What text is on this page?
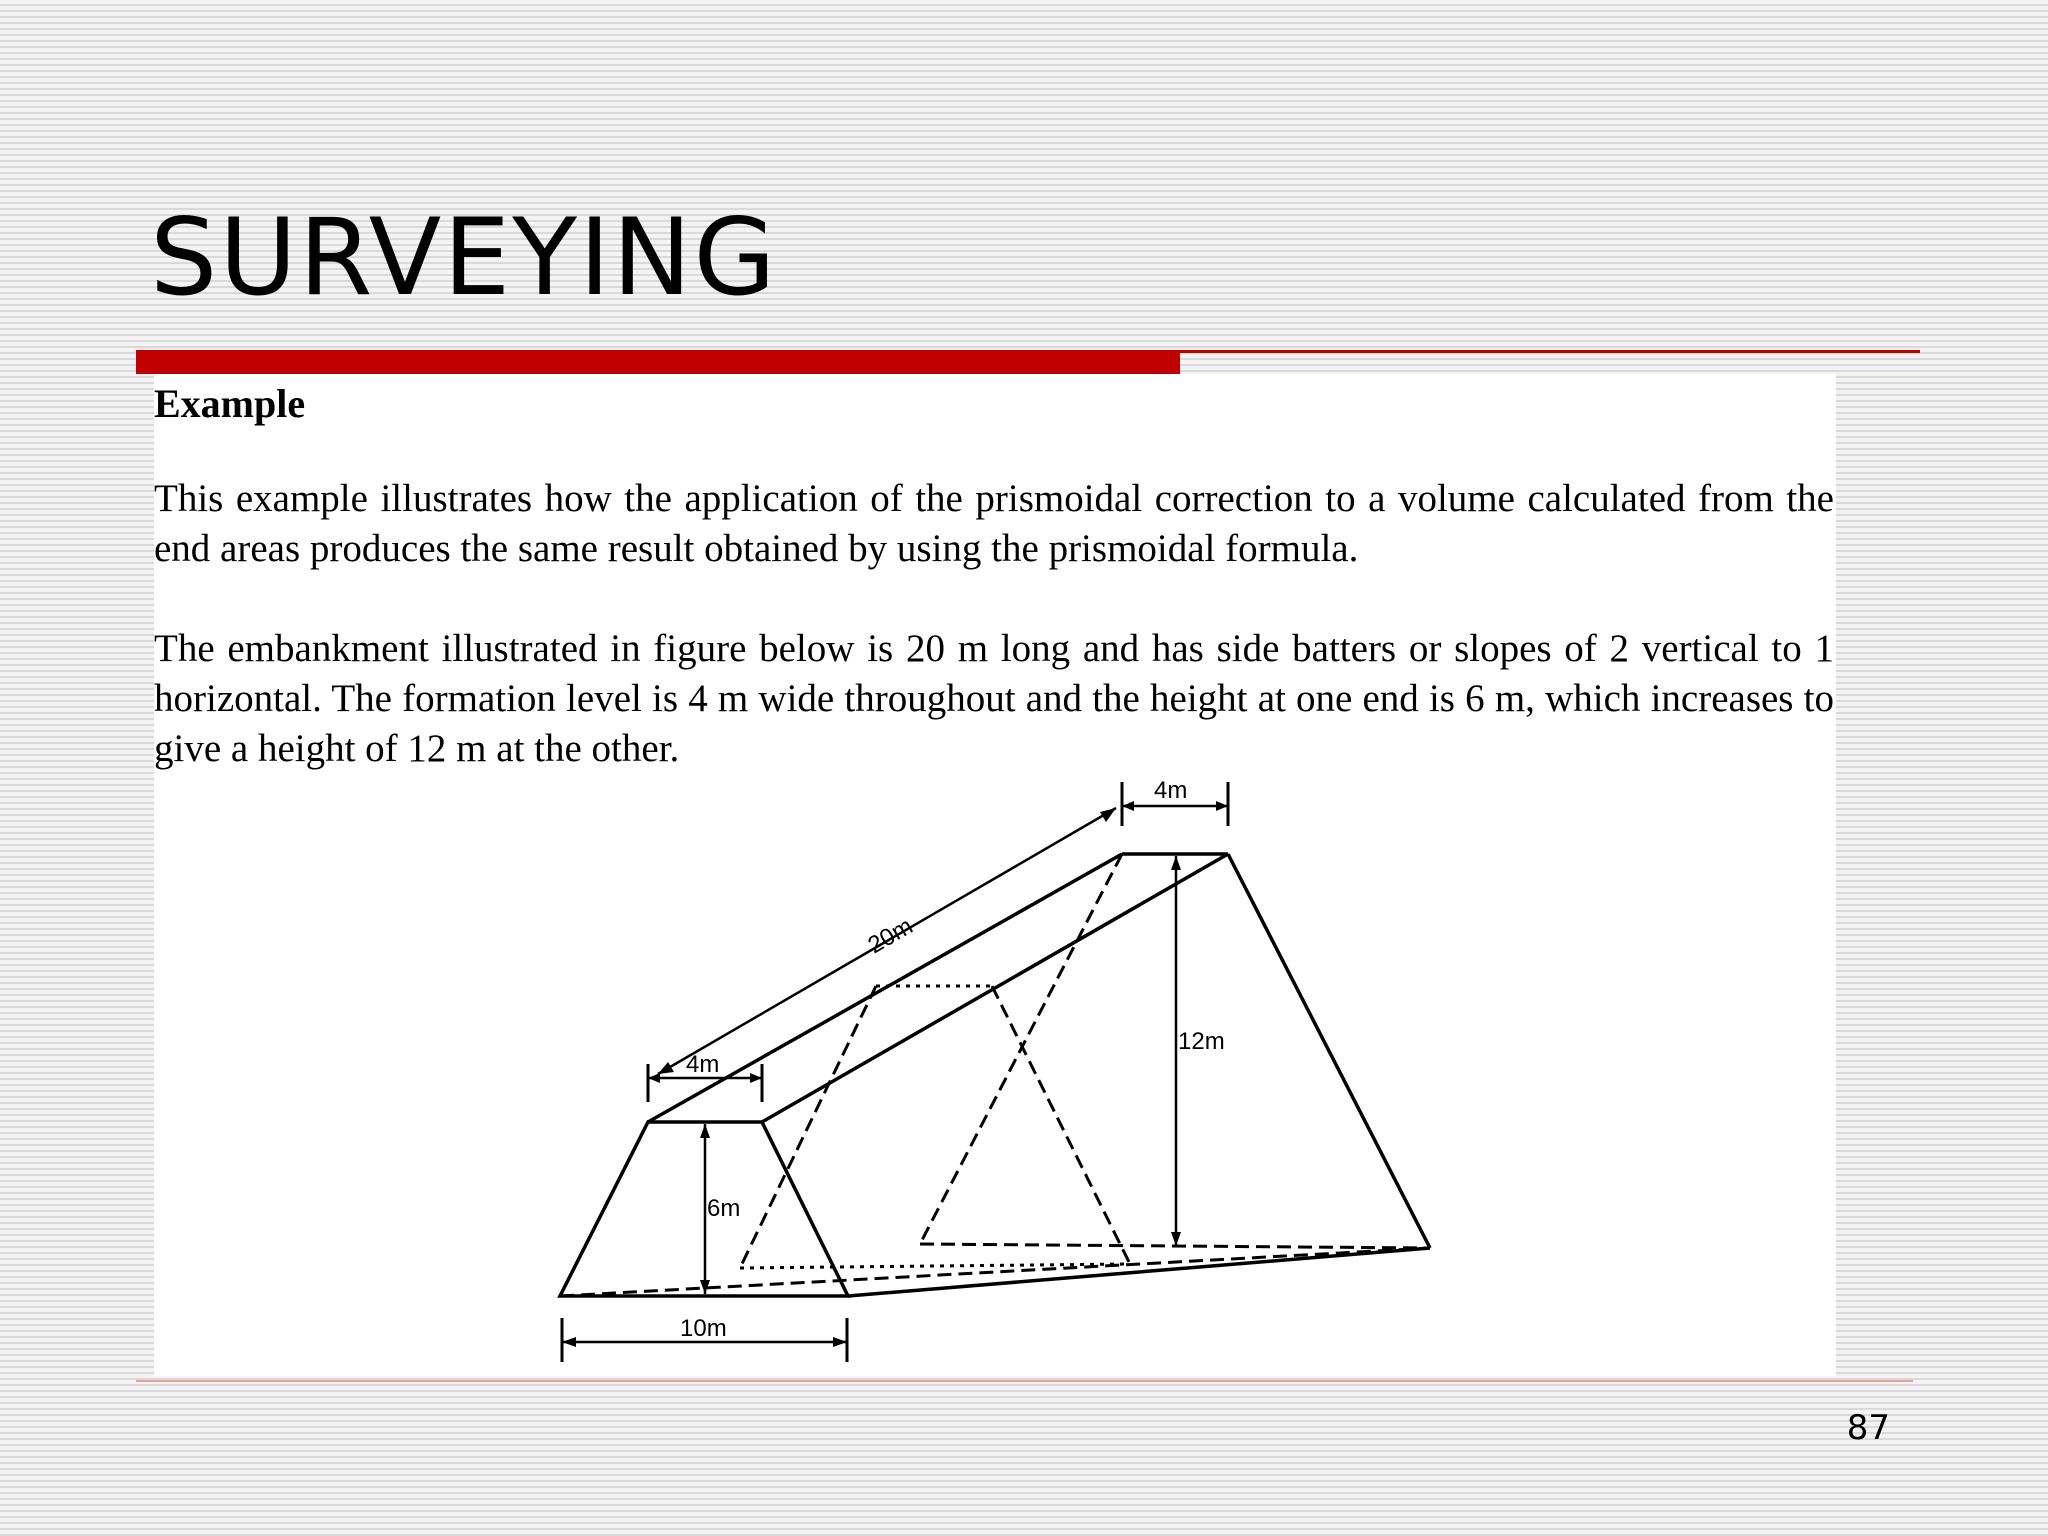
SURVEYING

Example

This example illustrates how the application of the prismoidal correction to a volume calculated from the end areas produces the same result obtained by using the prismoidal formula.

The embankment illustrated in figure below is 20 m long and has side batters or slopes of 2 vertical to 1 horizontal. The formation level is 4 m wide throughout and the height at one end is 6 m, which increases to give a height of 12 m at the other.

20m
4m
4m
6m
12m
10m
87
